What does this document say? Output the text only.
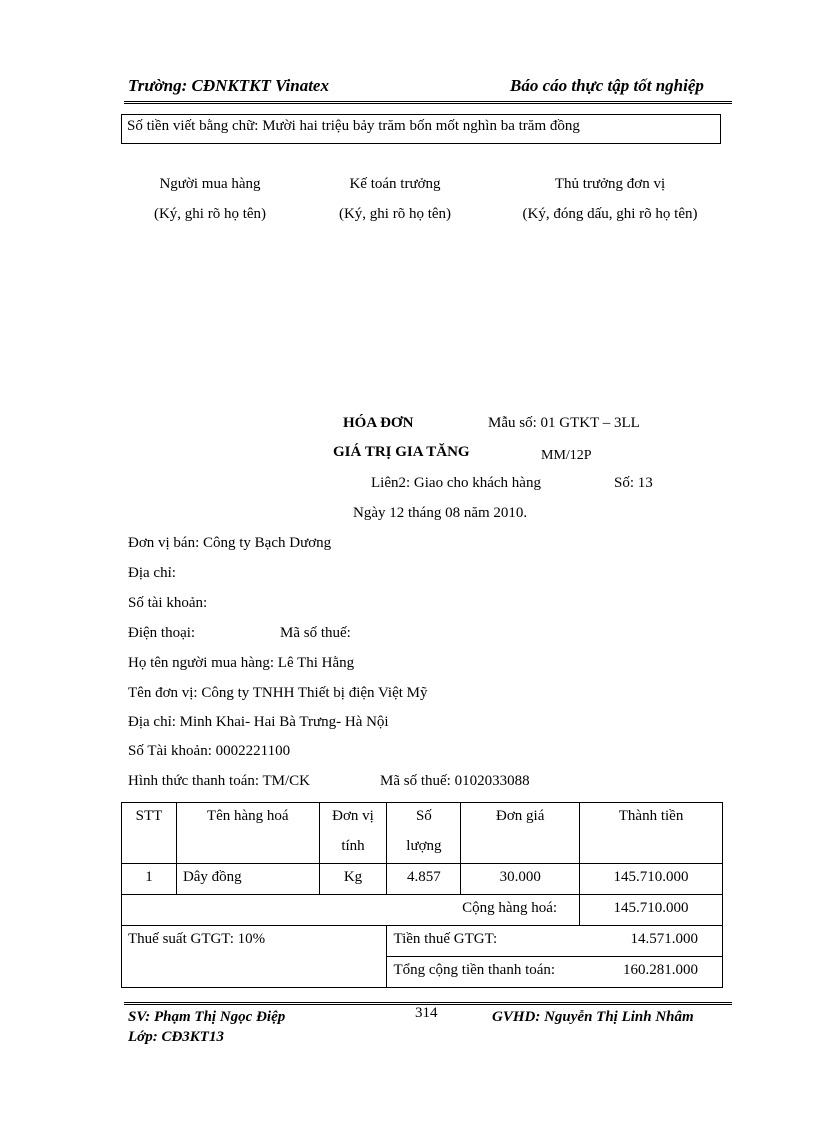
Trường: CĐNKTKT Vinatex	Báo cáo thực tập tốt nghiệp
Số tiền viết bằng chữ: Mười hai triệu bảy trăm bốn mốt nghìn ba trăm đồng
Người mua hàng
(Ký, ghi rõ họ tên)
Kế toán trưởng
(Ký, ghi rõ họ tên)
Thủ trưởng đơn vị
(Ký, đóng dấu, ghi rõ họ tên)
HÓA ĐƠN	Mẫu số: 01 GTKT – 3LL
GIÁ TRỊ GIA TĂNG	MM/12P
Liên2: Giao cho khách hàng	Số: 13
Ngày 12 tháng 08 năm 2010.
Đơn vị bán: Công ty Bạch Dương
Địa chỉ:
Số tài khoản:
Điện thoại:	Mã số thuế:
Họ tên người mua hàng: Lê Thi Hằng
Tên đơn vị: Công ty TNHH Thiết bị điện Việt Mỹ
Địa chỉ: Minh Khai- Hai Bà Trưng- Hà Nội
Số Tài khoản: 0002221100
Hình thức thanh toán: TM/CK	Mã số thuế: 0102033088
STT	Tên hàng hoá	Đơn vị	Số	Đơn giá	Thành tiền
		tính	lượng		
1	Dây đồng	Kg	4.857	30.000	145.710.000
Cộng hàng hoá:					145.710.000
Thuế suất GTGT: 10%			Tiền thuế GTGT:		14.571.000
			Tổng cộng tiền thanh toán:		160.281.000
SV: Phạm Thị Ngọc Điệp	314	GVHD: Nguyễn Thị Linh Nhâm
Lớp: CĐ3KT13
